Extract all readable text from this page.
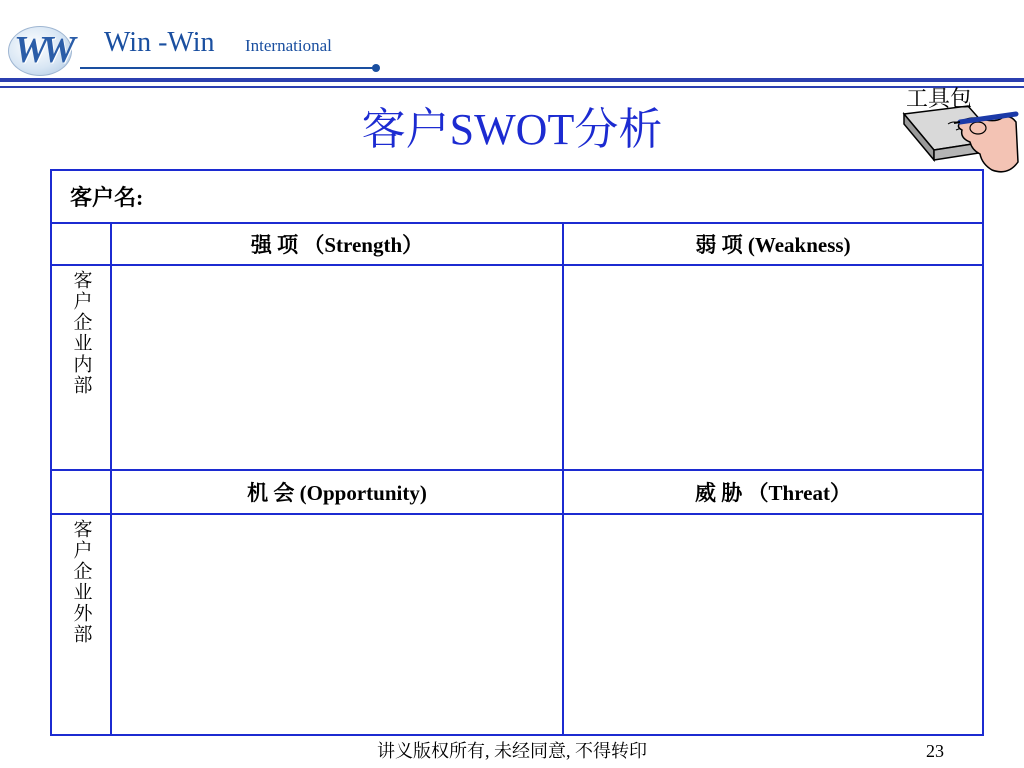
WW Win -Win International
客户SWOT分析
工具包
客户名:		
	强 项 （Strength）	弱 项 (Weakness)
客户企业内部		
	机 会 (Opportunity)	威 胁 （Threat）
客户企业外部		
讲义版权所有, 未经同意, 不得转印	23
